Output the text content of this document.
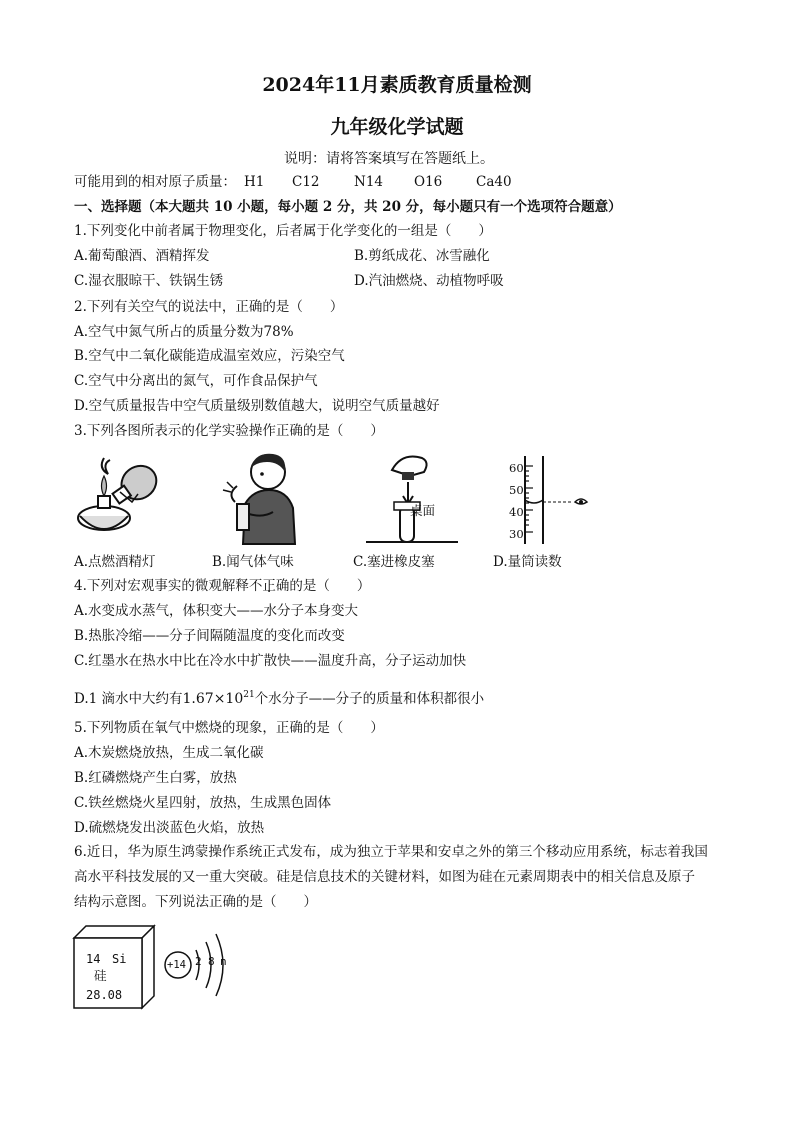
2024年11月素质教育质量检测
九年级化学试题
说明：请将答案填写在答题纸上。
可能用到的相对原子质量： H1 C12	N14 O16	Ca40
一、选择题（本大题共 10 小题，每小题 2 分，共 20 分，每小题只有一个选项符合题意）
1.下列变化中前者属于物理变化，后者属于化学变化的一组是（　　）
A.葡萄酿酒、酒精挥发	B.剪纸成花、冰雪融化
C.湿衣服晾干、铁锅生锈	D.汽油燃烧、动植物呼吸
2.下列有关空气的说法中，正确的是（　　）
A.空气中氮气所占的质量分数为78%
B.空气中二氧化碳能造成温室效应，污染空气
C.空气中分离出的氮气，可作食品保护气
D.空气质量报告中空气质量级别数值越大，说明空气质量越好
3.下列各图所表示的化学实验操作正确的是（　　）
桌面
60
50
40
30
A.点燃酒精灯	B.闻气体气味	C.塞进橡皮塞	D.量筒读数
4.下列对宏观事实的微观解释不正确的是（　　）
A.水变成水蒸气，体积变大——水分子本身变大
B.热胀冷缩——分子间隔随温度的变化而改变
C.红墨水在热水中比在冷水中扩散快——温度升高，分子运动加快
D.1 滴水中大约有$1.67\times 10^{21}$个水分子——分子的质量和体积都很小
5.下列物质在氧气中燃烧的现象，正确的是（　　）
A.木炭燃烧放热，生成二氧化碳
B.红磷燃烧产生白雾，放热
C.铁丝燃烧火星四射，放热，生成黑色固体
D.硫燃烧发出淡蓝色火焰，放热
6.近日，华为原生鸿蒙操作系统正式发布，成为独立于苹果和安卓之外的第三个移动应用系统，标志着我国
高水平科技发展的又一重大突破。硅是信息技术的关键材料，如图为硅在元素周期表中的相关信息及原子
结构示意图。下列说法正确的是（　　）
14 Si
硅
28.08
+14 2 8 n
